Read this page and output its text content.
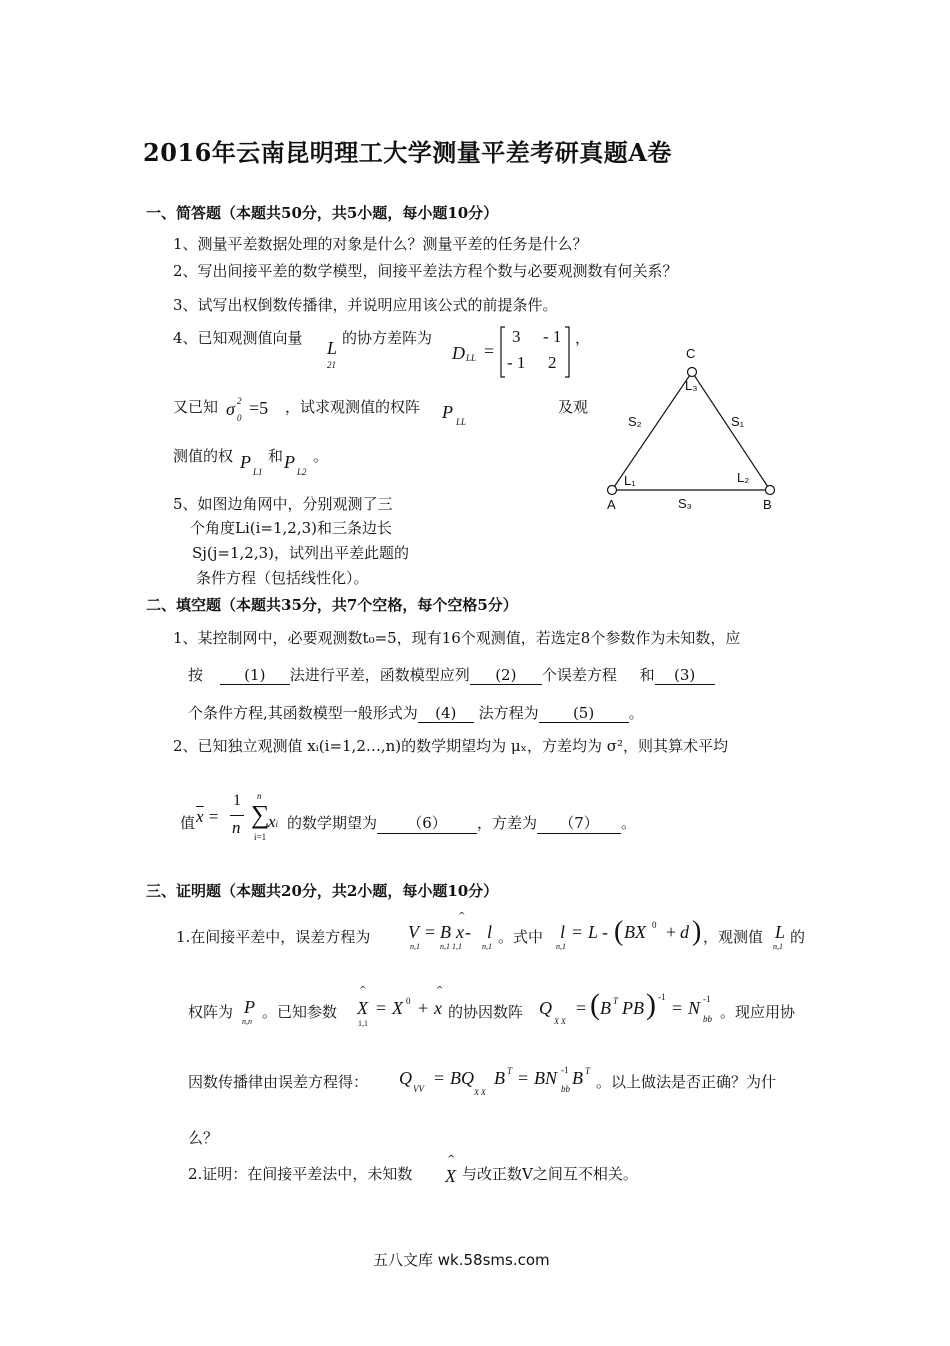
2016年云南昆明理工大学测量平差考研真题A卷
一、简答题（本题共50分，共5小题，每小题10分）
1、测量平差数据处理的对象是什么？测量平差的任务是什么？
2、写出间接平差的数学模型，间接平差法方程个数与必要观测数有何关系？
3、试写出权倒数传播律，并说明应用该公式的前提条件。
4、已知观测值向量 L
21
的协方差阵为
D LL =
3 - 1
- 1 2
，
又已知 σ 2
0 =5 ，试求观测值的权阵 P LL
及观
测值的权 P L1
和 P L2
。
5、如图边角网中，分别观测了三
个角度Li(i=1,2,3)和三条边长
Sj(j=1,2,3)，试列出平差此题的
条件方程（包括线性化）。
C
L₃
S₂	S₁
L₁	L₂
A	S₃	B
二、填空题（本题共35分，共7个空格，每个空格5分）
1、某控制网中，必要观测数t₀=5，现有16个观测值，若选定8个参数作为未知数，应
按	(1) 法进行平差，函数模型应列 (2) 个误差方程 和 (3)
个条件方程,其函数模型一般形式为 (4) 法方程为 (5) 。
2、已知独立观测值 xᵢ(i=1,2…,n)的数学期望均为 μₓ，方差均为 σ²，则其算术平均
值 $\overline{x}$ =
1
n ∑
n
i=1
xi 的数学期望为 （6） ，方差为 （7） 。
三、证明题（本题共20分，共2小题，每小题10分）
1.在间接平差中，误差方程为 V
n,1
= B
n,1 1,1
^
x - l
n,1
。式中 l
n,1
= L - ( BX 0 + d ) ，观测值 L
n,1
的
权阵为 P
n,n
。已知参数
^
X
1,1
= X 0 +
^
x 的协因数阵 Q
X X
= ( B T PB ) -1
= N -1
bb 。现应用协
因数传播律由误差方程得： Q
VV
= BQ
X X
B T = BN -1
bb
B T
。以上做法是否正确？为什
么？
2.证明：在间接平差法中，未知数
^
X 与改正数V之间互不相关。
五八文库 wk.58sms.com
